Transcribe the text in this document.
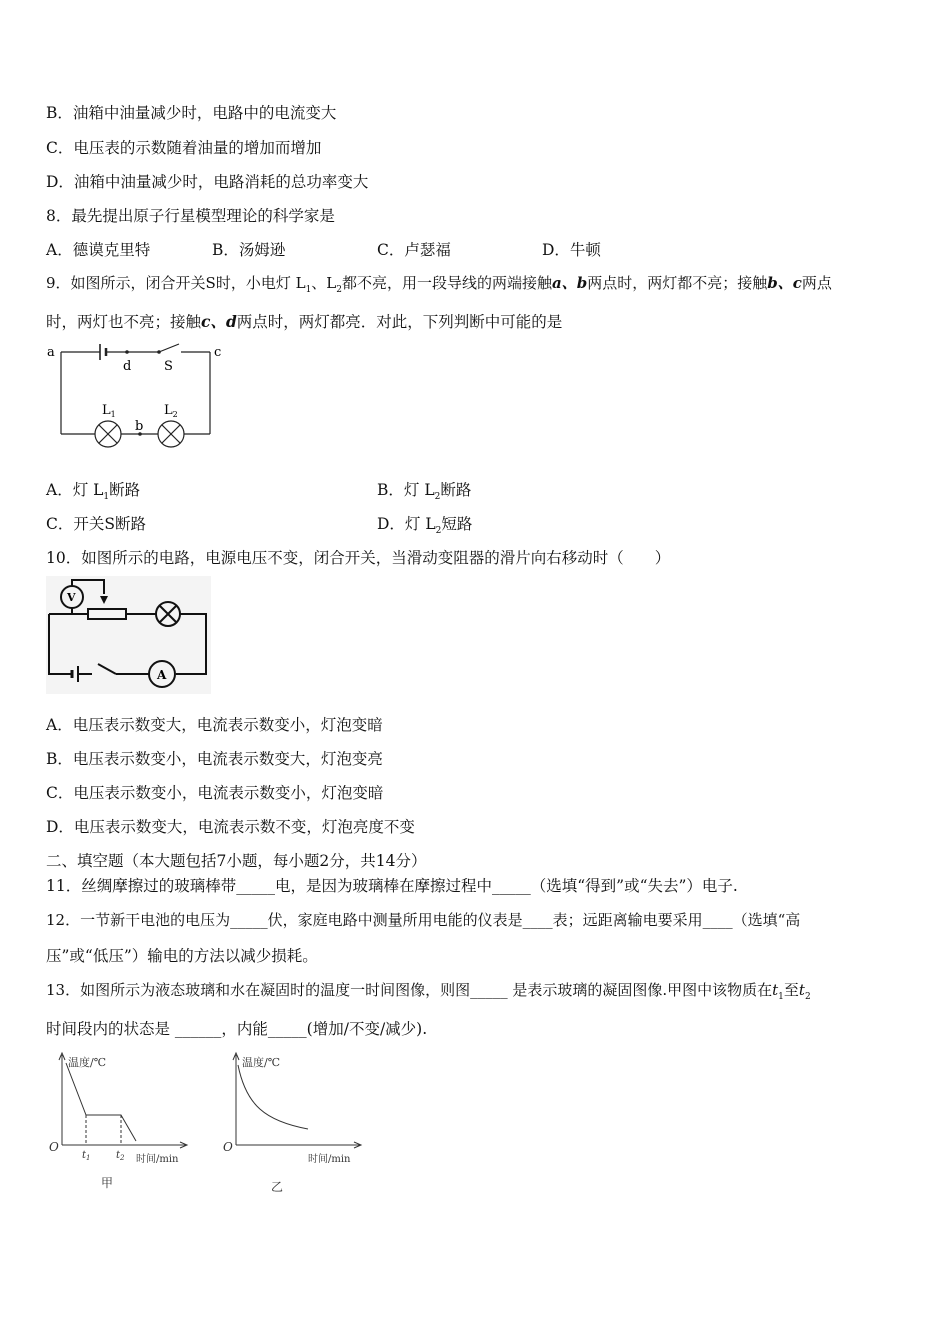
B．油箱中油量减少时，电路中的电流变大
C．电压表的示数随着油量的增加而增加
D．油箱中油量减少时，电路消耗的总功率变大
8．最先提出原子行星模型理论的科学家是
A．德谟克里特	B．汤姆逊	C．卢瑟福	D．牛顿
9．如图所示，闭合开关S时，小电灯 $L_1$、$L_2$都不亮，用一段导线的两端接触a、b两点时，两灯都不亮；接触b、c两点
时，两灯也不亮；接触c、d两点时，两灯都亮．对此，下列判断中可能的是
a	c
d	S
b
$L_1$	$L_2$
A．灯 $L_1$断路	B．灯 $L_2$断路
C．开关S断路	D．灯 $L_2$短路
10．如图所示的电路，电源电压不变，闭合开关，当滑动变阻器的滑片向右移动时（　　）
V
A
A．电压表示数变大，电流表示数变小，灯泡变暗
B．电压表示数变小，电流表示数变大，灯泡变亮
C．电压表示数变小，电流表示数变小，灯泡变暗
D．电压表示数变大，电流表示数不变，灯泡亮度不变
二、填空题（本大题包括7小题，每小题2分，共14分）
11．丝绸摩擦过的玻璃棒带_____电，是因为玻璃棒在摩擦过程中_____（选填“得到”或“失去”）电子.
12．一节新干电池的电压为_____伏，家庭电路中测量所用电能的仪表是____表；远距离输电要采用____（选填“高
压”或“低压”）输电的方法以减少损耗。
13．如图所示为液态玻璃和水在凝固时的温度一时间图像，则图_____ 是表示玻璃的凝固图像.甲图中该物质在$t_1$至$t_2$
时间段内的状态是 ______，内能_____(增加/不变/减少).
温度/℃
时间/min
O
$t_1$	$t_2$
甲
温度/℃
时间/min
O
乙
